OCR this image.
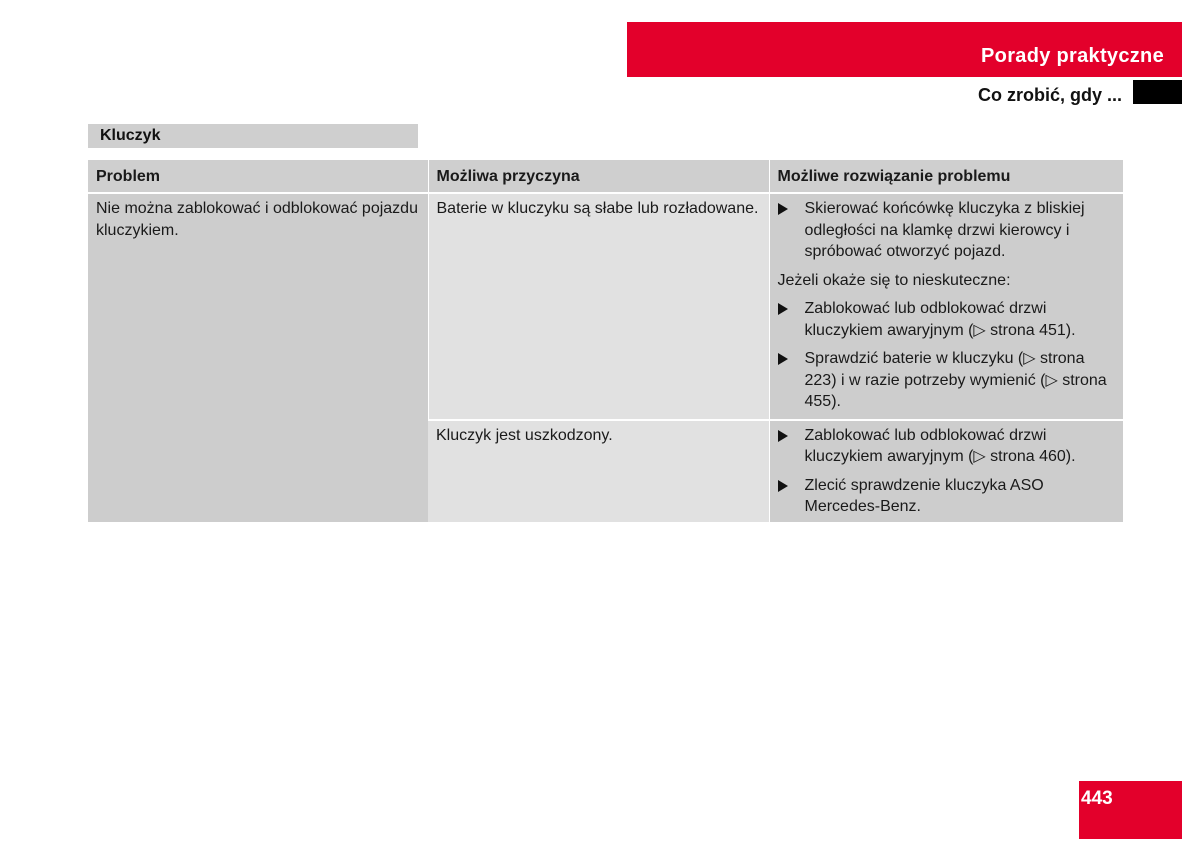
Porady praktyczne
Co zrobić, gdy ...
Kluczyk
Problem	Możliwa przyczyna	Możliwe rozwiązanie problemu
Nie można zablokować i odblokować pojazdu kluczykiem.	Baterie w kluczyku są słabe lub rozładowane.	Skierować końcówkę kluczyka z bliskiej odległości na klamkę drzwi kierowcy i spróbować otworzyć pojazd.
Jeżeli okaże się to nieskuteczne:
Zablokować lub odblokować drzwi kluczykiem awaryjnym (▷ strona 451).
Sprawdzić baterie w kluczyku (▷ strona 223) i w razie potrzeby wymienić (▷ strona 455).

	Kluczyk jest uszkodzony.	Zablokować lub odblokować drzwi kluczykiem awaryjnym (▷ strona 460).
Zlecić sprawdzenie kluczyka ASO Mercedes-Benz.
443
